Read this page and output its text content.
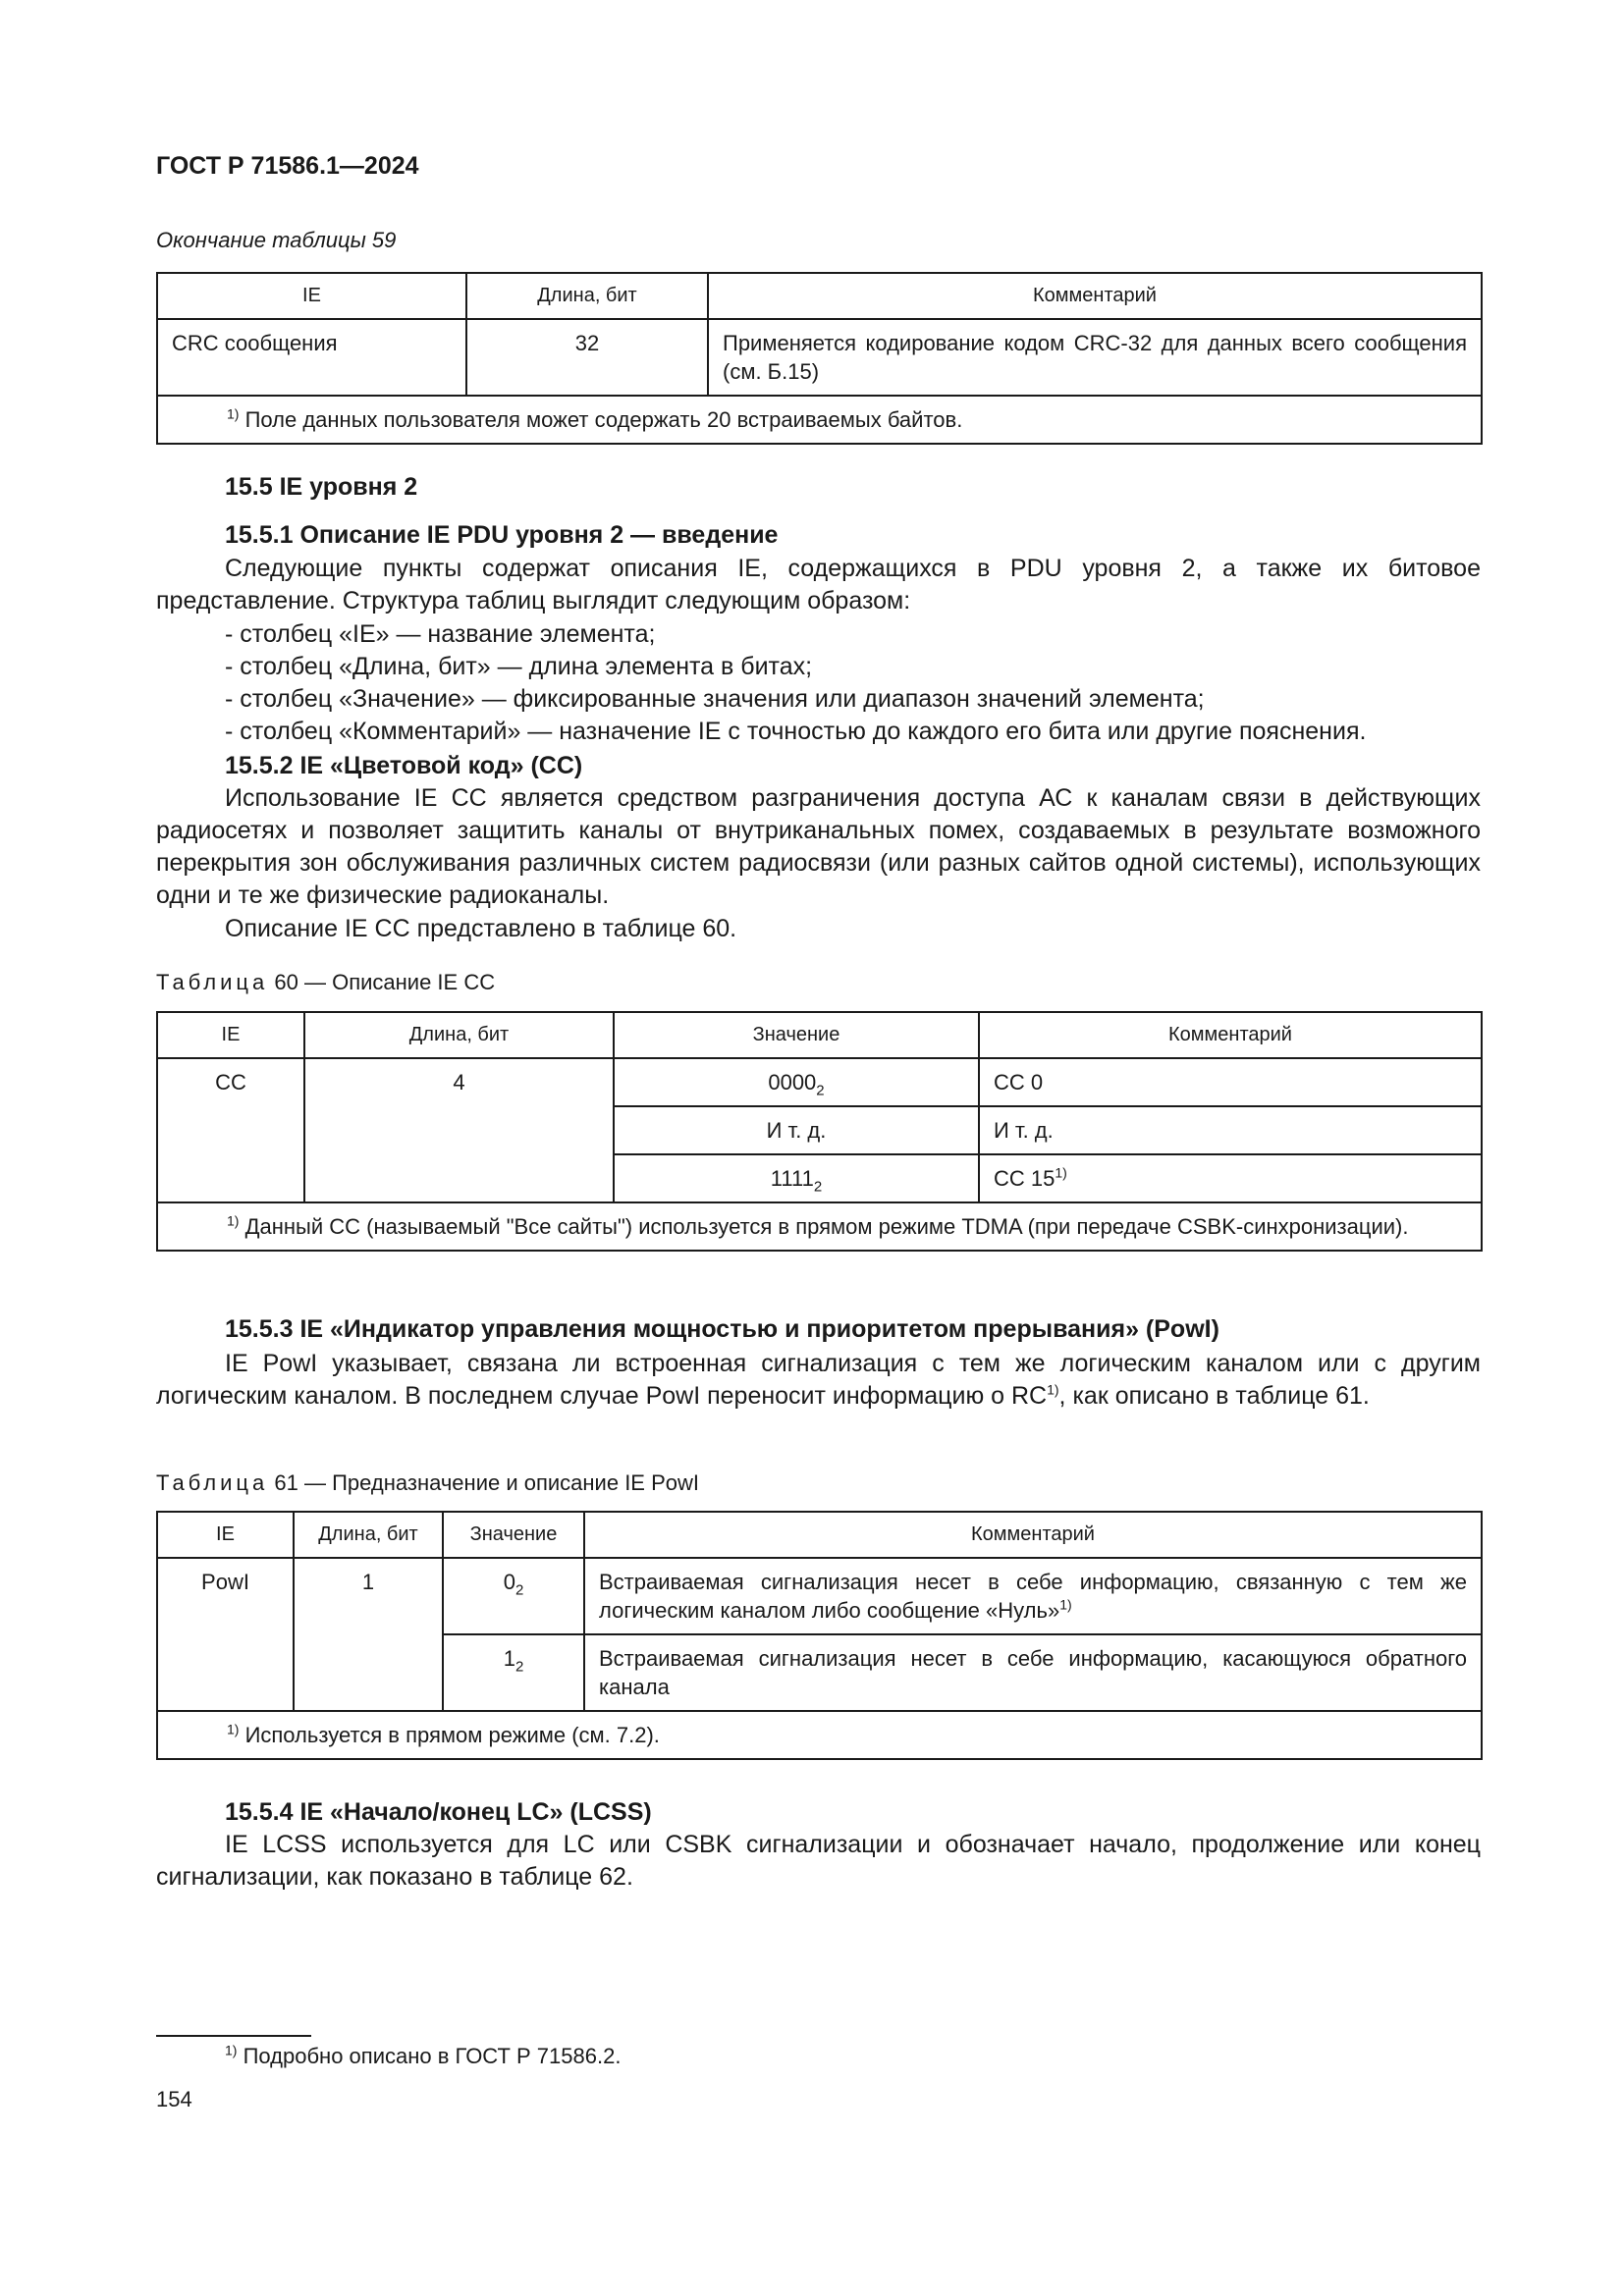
ГОСТ Р 71586.1—2024
Окончание таблицы 59
IE	Длина, бит	Комментарий
CRC сообщения	32	Применяется кодирование кодом CRC-32 для данных всего сообщения (см. Б.15)
$^{1)}$ Поле данных пользователя может содержать 20 встраиваемых байтов.		
15.5 IE уровня 2
15.5.1 Описание IE PDU уровня 2 — введение
Следующие пункты содержат описания IE, содержащихся в PDU уровня 2, а также их битовое представление. Структура таблиц выглядит следующим образом:
- столбец «IE» — название элемента;
- столбец «Длина, бит» — длина элемента в битах;
- столбец «Значение» — фиксированные значения или диапазон значений элемента;
- столбец «Комментарий» — назначение IE с точностью до каждого его бита или другие пояснения.
15.5.2 IE «Цветовой код» (CC)
Использование IE CC является средством разграничения доступа АС к каналам связи в действующих радиосетях и позволяет защитить каналы от внутриканальных помех, создаваемых в результате возможного перекрытия зон обслуживания различных систем радиосвязи (или разных сайтов одной системы), использующих одни и те же физические радиоканалы.
Описание IE CC представлено в таблице 60.
Таблица 60 — Описание IE CC
IE	Длина, бит	Значение	Комментарий
CC	4	$0000_2$	CC 0
		И т. д.	И т. д.
		$1111_2$	CC 15$^{1)}$
$^{1)}$ Данный CC (называемый "Все сайты") используется в прямом режиме TDMA (при передаче CSBK-синхронизации).			
15.5.3 IE «Индикатор управления мощностью и приоритетом прерывания» (PowI)
IE PowI указывает, связана ли встроенная сигнализация с тем же логическим каналом или с другим логическим каналом. В последнем случае PowI переносит информацию о RC$^{1)}$, как описано в таблице 61.
Таблица 61 — Предназначение и описание IE PowI
IE	Длина, бит	Значение	Комментарий
PowI	1	$0_2$	Встраиваемая сигнализация несет в себе информацию, связанную с тем же логическим каналом либо сообщение «Нуль»$^{1)}$
		$1_2$	Встраиваемая сигнализация несет в себе информацию, касающуюся обратного канала
$^{1)}$ Используется в прямом режиме (см. 7.2).			
15.5.4 IE «Начало/конец LC» (LCSS)
IE LCSS используется для LC или CSBK сигнализации и обозначает начало, продолжение или конец сигнализации, как показано в таблице 62.
$^{1)}$ Подробно описано в ГОСТ Р 71586.2.
154
